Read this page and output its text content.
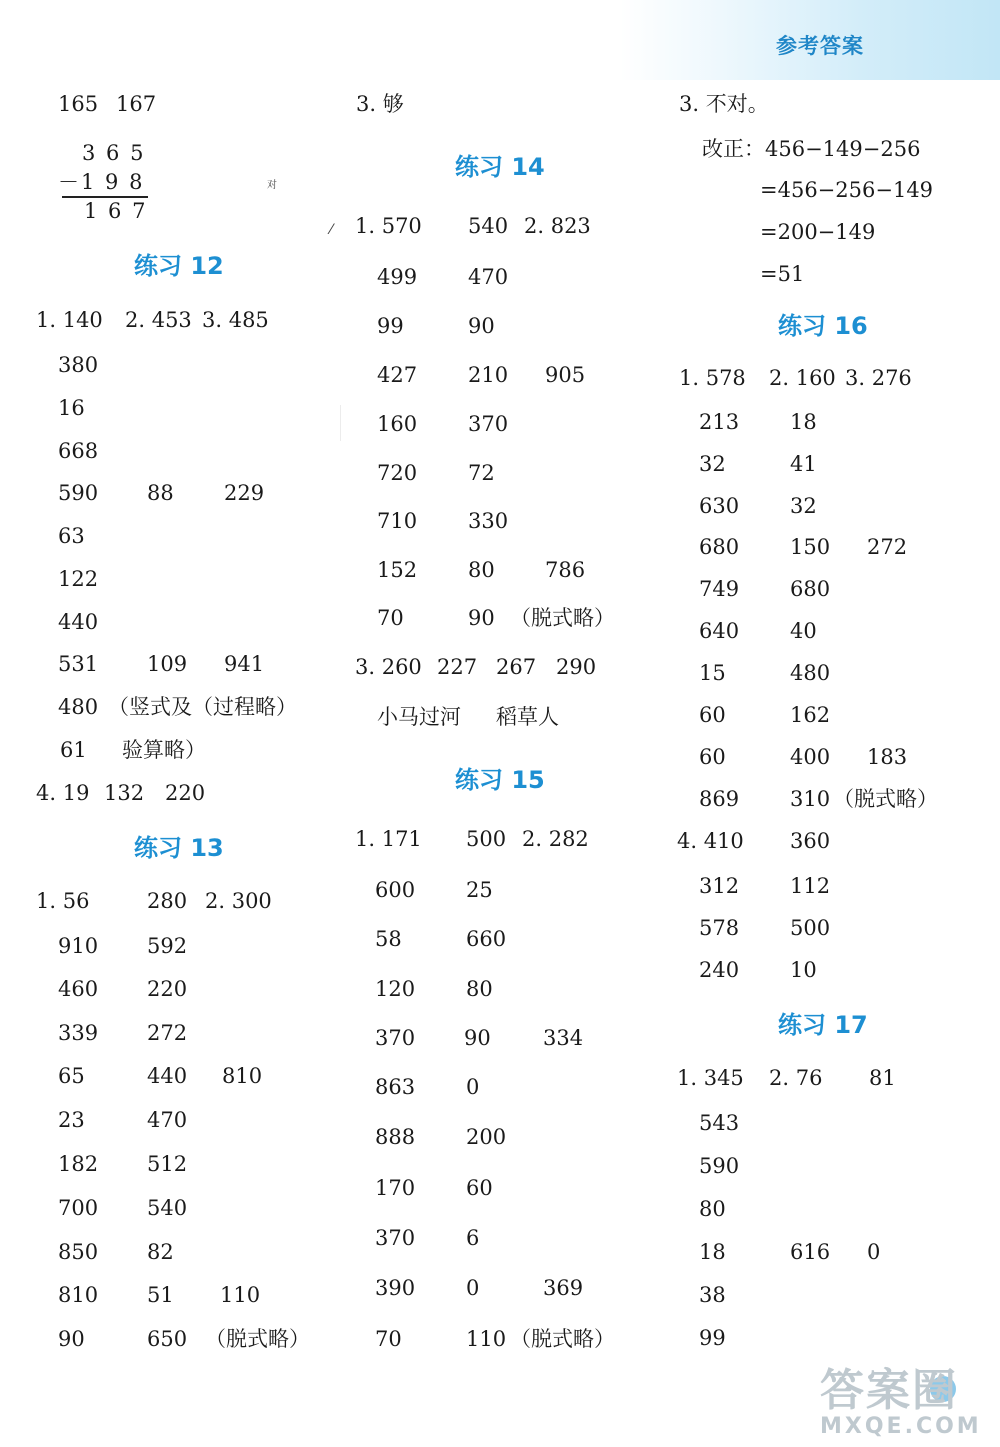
参考答案
165 167
3 6 5
－1 9 8
1 6 7
对
练习 12
1. 140 2. 453 3. 485
380
16
668
590 88 229
63
122
440
531 109 941
480 （竖式及（过程略）
61 验算略）
4. 19 132 220
练习 13
1. 56	280 2. 300
910 592
460 220
339 272
65	440 810
23	470
182 512
700 540
850 82
810 51 110
90	650 （脱式略）
3. 够
练习 14
⁄ 1. 570 540 2. 823
499 470
99	90
427 210 905
160 370
720 72
710 330
152 80 786
70	90 （脱式略）
3. 260 227 267 290
小马过河 稻草人
练习 15
1. 171 500 2. 282
600 25
58	660
120 80
370 90 334
863 0
888 200
170 60
370 6
390 0	369
70	110 （脱式略）
3. 不对。
改正：456−149−256
=456−256−149
=200−149
=51
练习 16
1. 578 2. 160 3. 276
213 18
32	41
630 32
680 150 272
749 680
640 40
15	480
60	162
60	400 183
869 310 （脱式略）
4. 410 360
312 112
578 500
240 10
练习 17
1. 345 2. 76 81
543
590
80
18	616 0
38
99
答案圈
MXQE.COM
